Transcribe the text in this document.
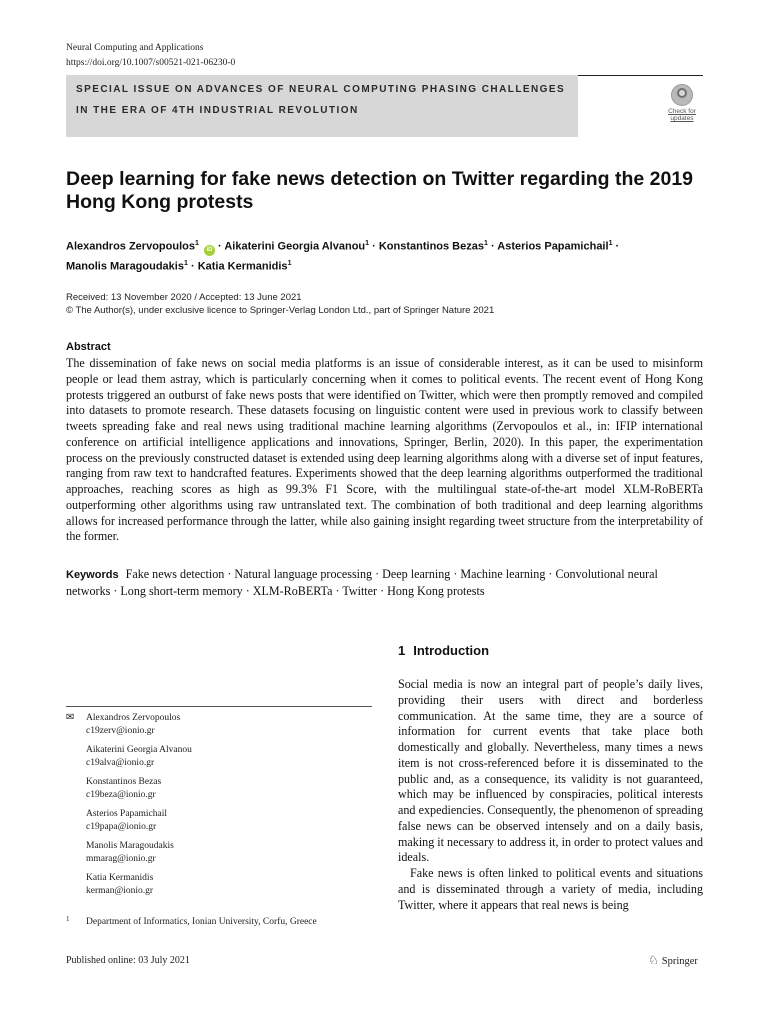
Neural Computing and Applications
https://doi.org/10.1007/s00521-021-06230-0
SPECIAL ISSUE ON ADVANCES OF NEURAL COMPUTING PHASING CHALLENGES
IN THE ERA OF 4TH INDUSTRIAL REVOLUTION	Check for
updates
Deep learning for fake news detection on Twitter regarding the 2019 Hong Kong protests
Alexandros Zervopoulos$^1$ iD · Aikaterini Georgia Alvanou$^1$ · Konstantinos Bezas$^1$ · Asterios Papamichail$^1$ ·
Manolis Maragoudakis$^1$ · Katia Kermanidis$^1$
Received: 13 November 2020 / Accepted: 13 June 2021
© The Author(s), under exclusive licence to Springer-Verlag London Ltd., part of Springer Nature 2021
Abstract
The dissemination of fake news on social media platforms is an issue of considerable interest, as it can be used to misinform people or lead them astray, which is particularly concerning when it comes to political events. The recent event of Hong Kong protests triggered an outburst of fake news posts that were identified on Twitter, which were then promptly removed and compiled into datasets to promote research. These datasets focusing on linguistic content were used in previous work to classify between tweets spreading fake and real news using traditional machine learning algorithms (Zervopoulos et al., in: IFIP international conference on artificial intelligence applications and innovations, Springer, Berlin, 2020). In this paper, the experimentation process on the previously constructed dataset is extended using deep learning algorithms along with a diverse set of input features, ranging from raw text to handcrafted features. Experiments showed that the deep learning algorithms outperformed the traditional approaches, reaching scores as high as 99.3% F1 Score, with the multilingual state-of-the-art model XLM-RoBERTa outperforming other algorithms using raw untranslated text. The combination of both traditional and deep learning algorithms allows for increased performance through the latter, while also gaining insight regarding tweet structure from the interpretability of the former.
Keywords Fake news detection · Natural language processing · Deep learning · Machine learning · Convolutional neural networks · Long short-term memory · XLM-RoBERTa · Twitter · Hong Kong protests
1 Introduction

Social media is now an integral part of people’s daily lives, providing their users with direct and borderless communication. At the same time, they are a source of information for current events that take place both domestically and globally. Nevertheless, many times a news item is not cross-referenced before it is disseminated to the public and, as a consequence, its validity is not guaranteed, which may be influenced by conspiracies, political interests and expediencies. Consequently, the phenomenon of spreading false news can be observed intensely and on a daily basis, making it necessary to address it, in order to protect values and ideals.

Fake news is often linked to political events and situations and is disseminated through a variety of media, including Twitter, where it appears that real news is being

✉ Alexandros Zervopoulos
c19zerv@ionio.gr
Aikaterini Georgia Alvanou
c19alva@ionio.gr
Konstantinos Bezas
c19beza@ionio.gr
Asterios Papamichail
c19papa@ionio.gr
Manolis Maragoudakis
mmarag@ionio.gr
Katia Kermanidis
kerman@ionio.gr
1 Department of Informatics, Ionian University, Corfu, Greece
Published online: 03 July 2021	♘ Springer
